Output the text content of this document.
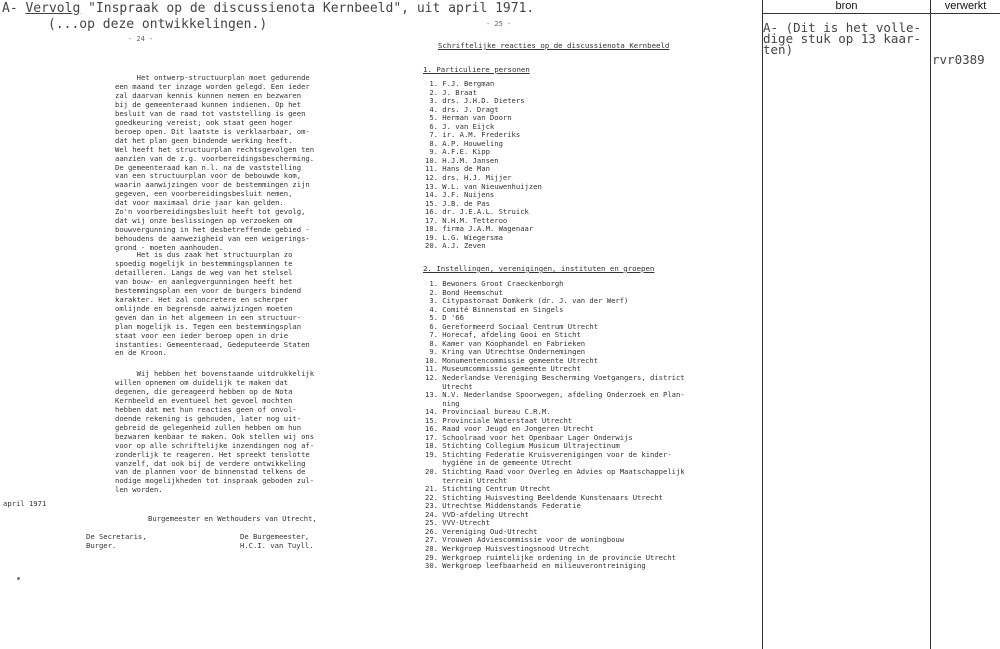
A- Vervolg "Inspraak op de discussienota Kernbeeld", uit april 1971.
(...op deze ontwikkelingen.)
- 24 -
Het ontwerp-structuurplan moet gedurende
een maand ter inzage worden gelegd. Een ieder
zal daarvan kennis kunnen nemen en bezwaren
bij de gemeenteraad kunnen indienen. Op het
besluit van de raad tot vaststelling is geen
goedkeuring vereist; ook staat geen hoger
beroep open. Dit laatste is verklaarbaar, om-
dat het plan geen bindende werking heeft.
Wel heeft het structuurplan rechtsgevolgen ten
aanzien van de z.g. voorbereidingsbescherming.
De gemeenteraad kan n.l. na de vaststelling
van een structuurplan voor de bebouwde kom,
waarin aanwijzingen voor de bestemmingen zijn
gegeven, een voorbereidingsbesluit nemen,
dat voor maximaal drie jaar kan gelden.
Zo'n voorbereidingsbesluit heeft tot gevolg,
dat wij onze beslissingen op verzoeken om
bouwvergunning in het desbetreffende gebied -
behoudens de aanwezigheid van een weigerings-
grond - moeten aanhouden.
Het is dus zaak het structuurplan zo
spoedig mogelijk in bestemmingsplannen te
detailleren. Langs de weg van het stelsel
van bouw- en aanlegvergunningen heeft het
bestemmingsplan een voor de burgers bindend
karakter. Het zal concretere en scherper
omlijnde en begrensde aanwijzingen moeten
geven dan in het algemeen in een structuur-
plan mogelijk is. Tegen een bestemmingsplan
staat voor een ieder beroep open in drie
instanties: Gemeenteraad, Gedeputeerde Staten
en de Kroon.
Wij hebben het bovenstaande uitdrukkelijk
willen opnemen om duidelijk te maken dat
degenen, die gereageerd hebben op de Nota
Kernbeeld en eventueel het gevoel mochten
hebben dat met hun reacties geen of onvol-
doende rekening is gehouden, later nog uit-
gebreid de gelegenheid zullen hebben om hun
bezwaren kenbaar te maken. Ook stellen wij ons
voor op alle schriftelijke inzendingen nog af-
zonderlijk te reageren. Het spreekt tenslotte
vanzelf, dat ook bij de verdere ontwikkeling
van de plannen voor de binnenstad telkens de
nodige mogelijkheden tot inspraak geboden zul-
len worden.
april 1971
Burgemeester en Wethouders van Utrecht,
De Secretaris,
Burger.
De Burgemeester,
H.C.I. van Tuyll.
- 25 -
Schriftelijke reacties op de discussienota Kernbeeld
1. Particuliere personen
1. F.J. Bergman
2. J. Braat
3. drs. J.H.D. Dieters
4. drs. J. Dragt
5. Herman van Doorn
6. J. van Eijck
7. ir. A.M. Frederiks
8. A.P. Houweling
9. A.F.E. Kipp
10. H.J.M. Jansen
11. Hans de Man
12. drs. H.J. Mijjer
13. W.L. van Nieuwenhuijzen
14. J.F. Nuijens
15. J.B. de Pas
16. dr. J.E.A.L. Struick
17. N.H.M. Tetteroo
18. firma J.A.M. Wagenaar
19. L.G. Wiegersma
20. A.J. Zeven
2. Instellingen, verenigingen, instituten en groepen
1. Bewoners Groot Craeckenborgh
2. Bond Heemschut
3. Citypastoraat Domkerk (dr. J. van der Werf)
4. Comité Binnenstad en Singels
5. D '66
6. Gereformeerd Sociaal Centrum Utrecht
7. Horecaf, afdeling Gooi en Sticht
8. Kamer van Koophandel en Fabrieken
9. Kring van Utrechtse Ondernemingen
10. Monumentencommissie gemeente Utrecht
11. Museumcommissie gemeente Utrecht
12. Nederlandse Vereniging Bescherming Voetgangers, district
Utrecht
13. N.V. Nederlandse Spoorwegen, afdeling Onderzoek en Plan-
ning
14. Provinciaal bureau C.R.M.
15. Provinciale Waterstaat Utrecht
16. Raad voor Jeugd en Jongeren Utrecht
17. Schoolraad voor het Openbaar Lager Onderwijs
18. Stichting Collegium Musicum Ultrajectinum
19. Stichting Federatie Kruisverenigingen voor de kinder-
hygiëne in de gemeente Utrecht
20. Stichting Raad voor Overleg en Advies op Maatschappelijk
terrein Utrecht
21. Stichting Centrum Utrecht
22. Stichting Huisvesting Beeldende Kunstenaars Utrecht
23. Utrechtse Middenstands Federatie
24. VVD-afdeling Utrecht
25. VVV-Utrecht
26. Vereniging Oud-Utrecht
27. Vrouwen Adviescommissie voor de woningbouw
28. Werkgroep Huisvestingsnood Utrecht
29. Werkgroep ruimtelijke ordening in de provincie Utrecht
30. Werkgroep leefbaarheid en milieuverontreiniging
bron	verwerkt
A- (Dit is het volle-
dige stuk op 13 kaar-
ten)
rvr0389
